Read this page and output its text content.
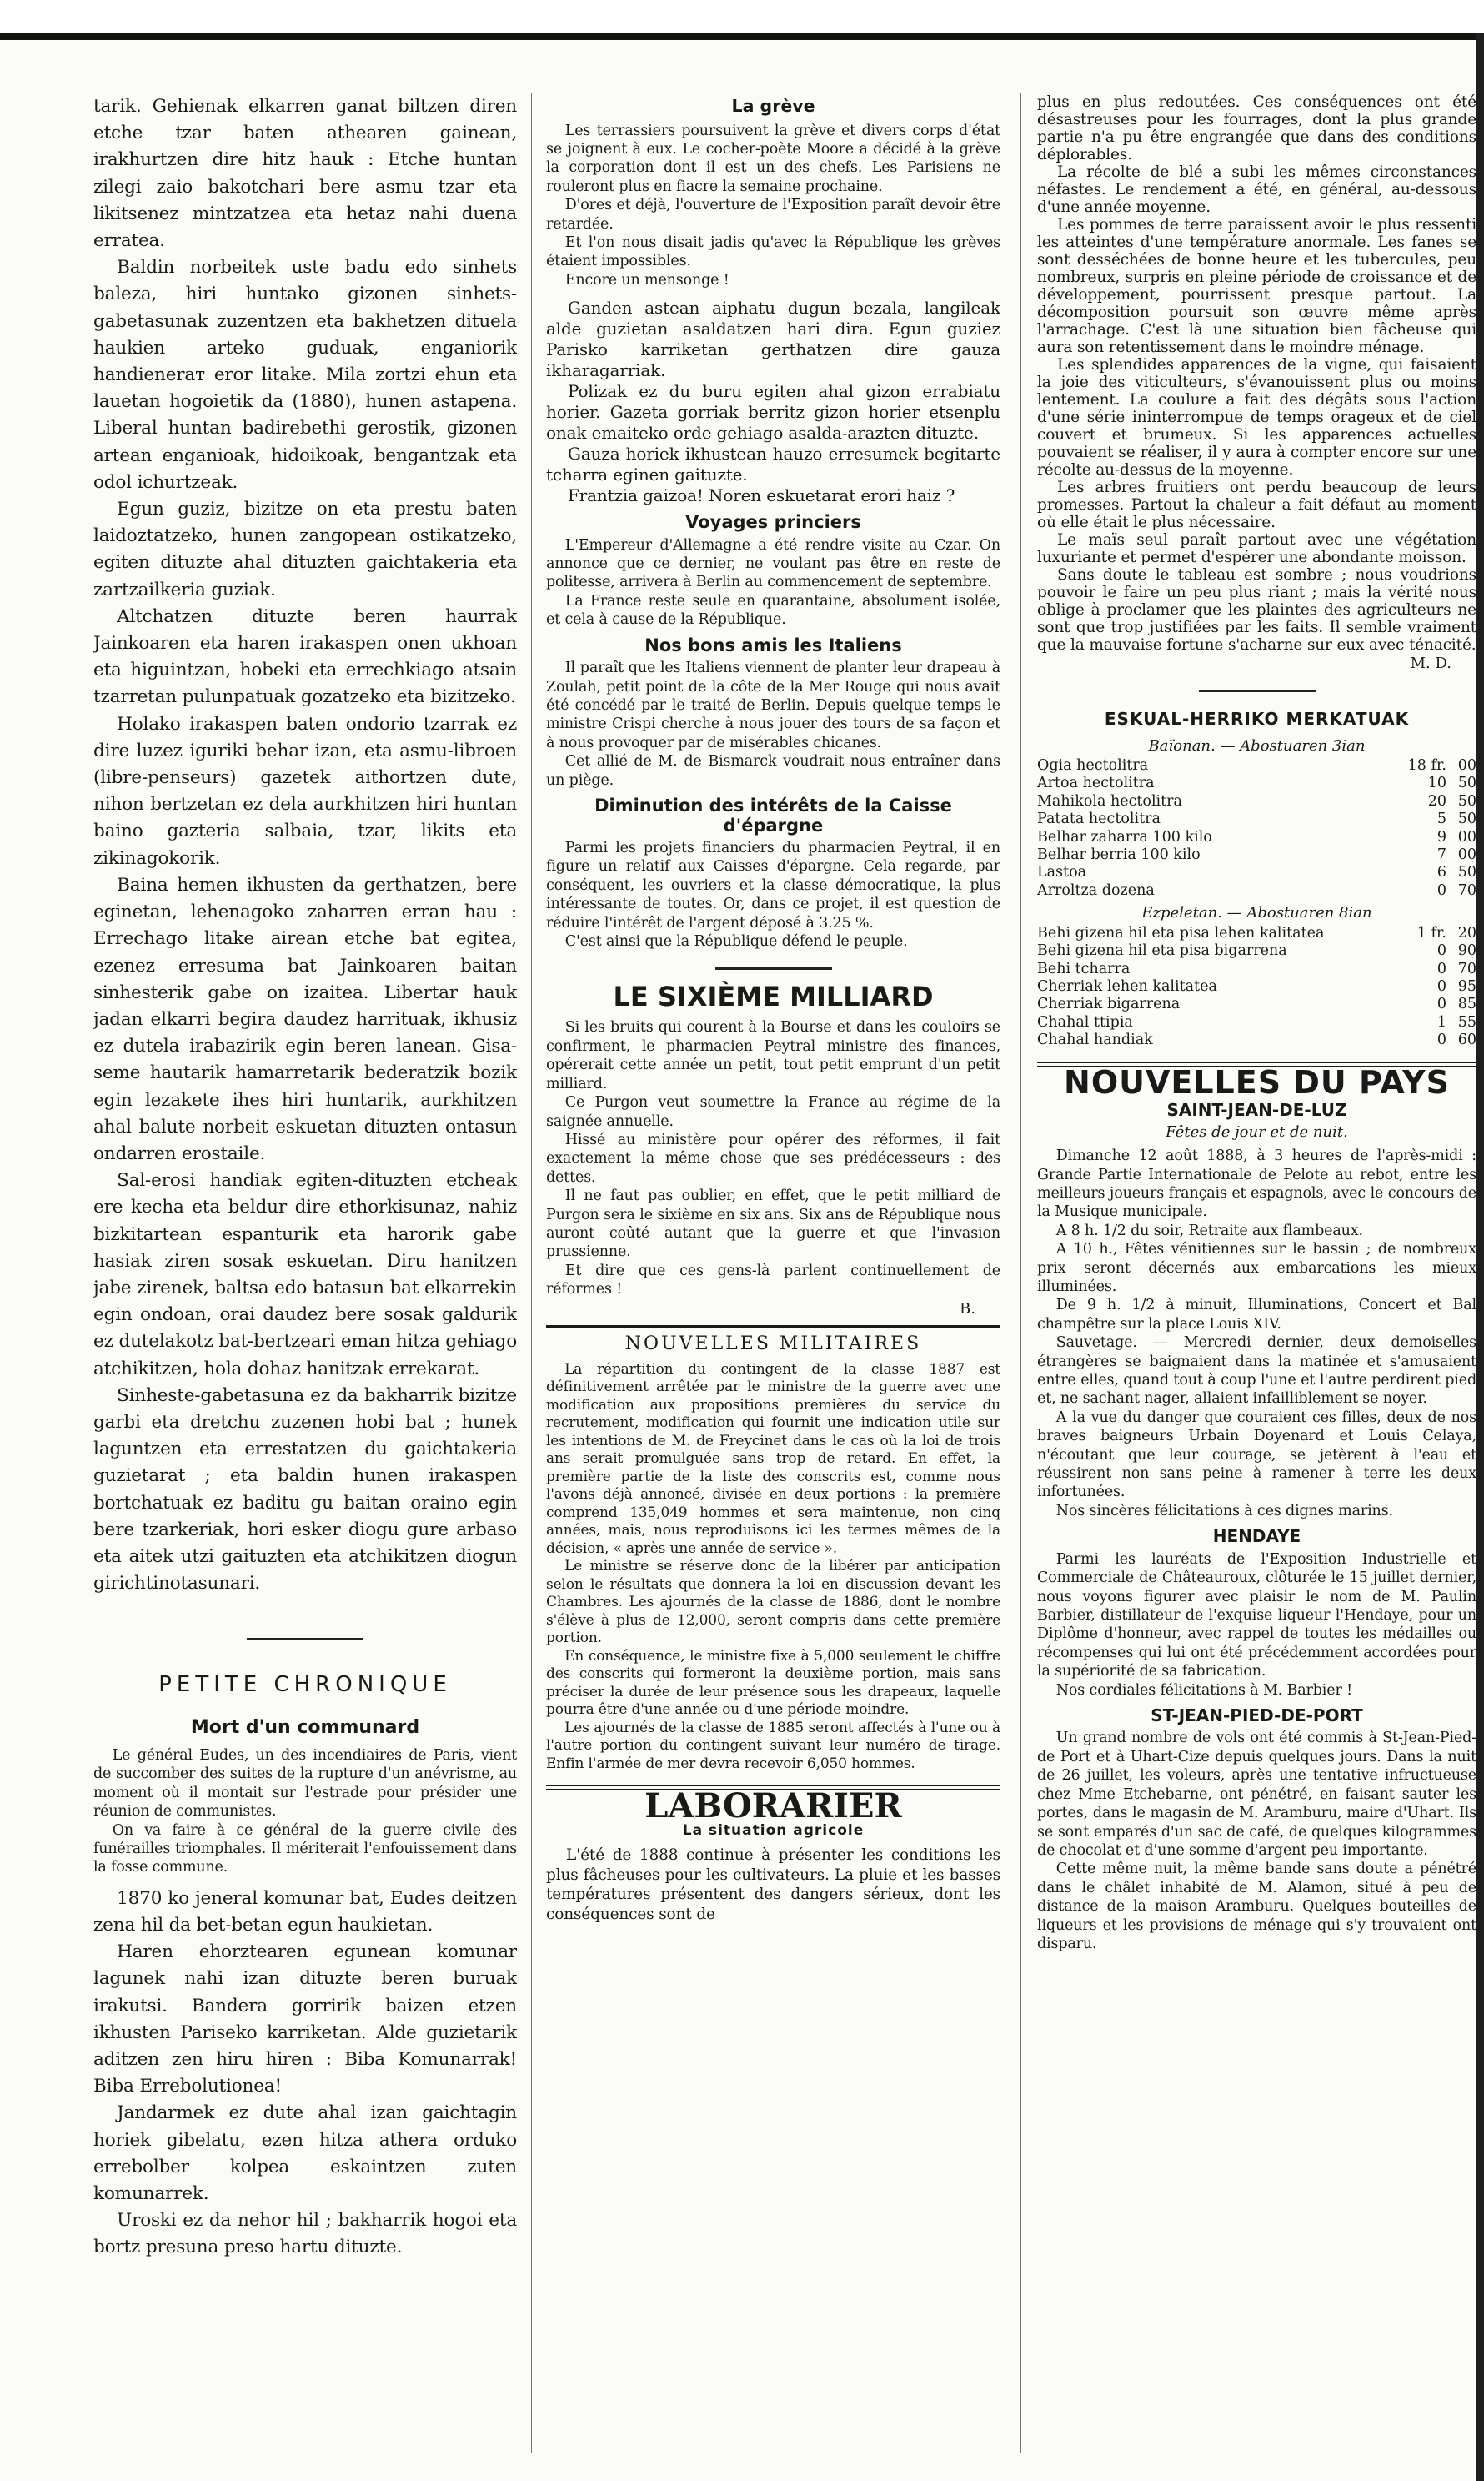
tarik. Gehienak elkarren ganat biltzen diren etche tzar baten athearen gainean, irakhurtzen dire hitz hauk : Etche huntan zilegi zaio bakotchari bere asmu tzar eta likitsenez mintzatzea eta hetaz nahi duena erratea.

Baldin norbeitek uste badu edo sinhets baleza, hiri huntako gizonen sinhets-gabetasunak zuzentzen eta bakhetzen dituela haukien arteko guduak, enganiorik handieneraт eror litake. Mila zortzi ehun eta lauetan hogoietik da (1880), hunen astapena. Liberal huntan badirebethi gerostik, gizonen artean enganioak, hidoikoak, bengantzak eta odol ichurtzeak.

Egun guziz, bizitze on eta prestu baten laidoztatzeko, hunen zangopean ostikatzeko, egiten dituzte ahal dituzten gaichtakeria eta zartzailkeria guziak.

Altchatzen dituzte beren haurrak Jainkoaren eta haren irakaspen onen ukhoan eta higuintzan, hobeki eta errechkiago atsain tzarretan pulunpatuak gozatzeko eta bizitzeko.

Holako irakaspen baten ondorio tzarrak ez dire luzez iguriki behar izan, eta asmu-libroen (libre-penseurs) gazetek aithortzen dute, nihon bertzetan ez dela aurkhitzen hiri huntan baino gazteria salbaia, tzar, likits eta zikinagokorik.

Baina hemen ikhusten da gerthatzen, bere eginetan, lehenagoko zaharren erran hau : Errechago litake airean etche bat egitea, ezenez erresuma bat Jainkoaren baitan sinhesterik gabe on izaitea. Libertar hauk jadan elkarri begira daudez harrituak, ikhusiz ez dutela irabazirik egin beren lanean. Gisa-seme hautarik hamarretarik bederatzik bozik egin lezakete ihes hiri huntarik, aurkhitzen ahal balute norbeit eskuetan dituzten ontasun ondarren erostaile.

Sal-erosi handiak egiten-dituzten etcheak ere kecha eta beldur dire ethorkisunaz, nahiz bizkitartean espanturik eta harorik gabe hasiak ziren sosak eskuetan. Diru hanitzen jabe zirenek, baltsa edo batasun bat elkarrekin egin ondoan, orai daudez bere sosak galdurik ez dutelakotz bat-bertzeari eman hitza gehiago atchikitzen, hola dohaz hanitzak errekarat.

Sinheste-gabetasuna ez da bakharrik bizitze garbi eta dretchu zuzenen hobi bat ; hunek laguntzen eta errestatzen du gaichtakeria guzietarat ; eta baldin hunen irakaspen bortchatuak ez baditu gu baitan oraino egin bere tzarkeriak, hori esker diogu gure arbaso eta aitek utzi gaituzten eta atchikitzen diogun girichtinotasunari.

PETITE CHRONIQUE
Mort d'un communard

Le général Eudes, un des incendiaires de Paris, vient de succomber des suites de la rupture d'un anévrisme, au moment où il montait sur l'estrade pour présider une réunion de communistes.

On va faire à ce général de la guerre civile des funérailles triomphales. Il mériterait l'enfouissement dans la fosse commune.

1870 ko jeneral komunar bat, Eudes deitzen zena hil da bet-betan egun haukietan.

Haren ehorztearen egunean komunar lagunek nahi izan dituzte beren buruak irakutsi. Bandera gorririk baizen etzen ikhusten Pariseko karriketan. Alde guzietarik aditzen zen hiru hiren : Biba Komunarrak! Biba Errebolutionea!

Jandarmek ez dute ahal izan gaichtagin horiek gibelatu, ezen hitza athera orduko errebolber kolpea eskaintzen zuten komunarrek.

Uroski ez da nehor hil ; bakharrik hogoi eta bortz presuna preso hartu dituzte.

La grève

Les terrassiers poursuivent la grève et divers corps d'état se joignent à eux. Le cocher-poète Moore a décidé à la grève la corporation dont il est un des chefs. Les Parisiens ne rouleront plus en fiacre la semaine prochaine.

D'ores et déjà, l'ouverture de l'Exposition paraît devoir être retardée.

Et l'on nous disait jadis qu'avec la République les grèves étaient impossibles.

Encore un mensonge !

Ganden astean aiphatu dugun bezala, langileak alde guzietan asaldatzen hari dira. Egun guziez Parisko karriketan gerthatzen dire gauza ikharagarriak.

Polizak ez du buru egiten ahal gizon errabiatu horier. Gazeta gorriak berritz gizon horier etsenplu onak emaiteko orde gehiago asalda-arazten dituzte.

Gauza horiek ikhustean hauzo erresumek begitarte tcharra eginen gaituzte.

Frantzia gaizoa! Noren eskuetarat erori haiz ?

Voyages princiers

L'Empereur d'Allemagne a été rendre visite au Czar. On annonce que ce dernier, ne voulant pas être en reste de politesse, arrivera à Berlin au commencement de septembre.

La France reste seule en quarantaine, absolument isolée, et cela à cause de la République.

Nos bons amis les Italiens

Il paraît que les Italiens viennent de planter leur drapeau à Zoulah, petit point de la côte de la Mer Rouge qui nous avait été concédé par le traité de Berlin. Depuis quelque temps le ministre Crispi cherche à nous jouer des tours de sa façon et à nous provoquer par de misérables chicanes.

Cet allié de M. de Bismarck voudrait nous entraîner dans un piège.

Diminution des intérêts de la Caisse d'épargne

Parmi les projets financiers du pharmacien Peytral, il en figure un relatif aux Caisses d'épargne. Cela regarde, par conséquent, les ouvriers et la classe démocratique, la plus intéressante de toutes. Or, dans ce projet, il est question de réduire l'intérêt de l'argent déposé à 3.25 %.

C'est ainsi que la République défend le peuple.

LE SIXIÈME MILLIARD

Si les bruits qui courent à la Bourse et dans les couloirs se confirment, le pharmacien Peytral ministre des finances, opérerait cette année un petit, tout petit emprunt d'un petit milliard.

Ce Purgon veut soumettre la France au régime de la saignée annuelle.

Hissé au ministère pour opérer des réformes, il fait exactement la même chose que ses prédécesseurs : des dettes.

Il ne faut pas oublier, en effet, que le petit milliard de Purgon sera le sixième en six ans. Six ans de République nous auront coûté autant que la guerre et que l'invasion prussienne.

Et dire que ces gens-là parlent continuellement de réformes !

B.
NOUVELLES MILITAIRES

La répartition du contingent de la classe 1887 est définitivement arrêtée par le ministre de la guerre avec une modification aux propositions premières du service du recrutement, modification qui fournit une indication utile sur les intentions de M. de Freycinet dans le cas où la loi de trois ans serait promulguée sans trop de retard. En effet, la première partie de la liste des conscrits est, comme nous l'avons déjà annoncé, divisée en deux portions : la première comprend 135,049 hommes et sera maintenue, non cinq années, mais, nous reproduisons ici les termes mêmes de la décision, « après une année de service ».

Le ministre se réserve donc de la libérer par anticipation selon le résultats que donnera la loi en discussion devant les Chambres. Les ajournés de la classe de 1886, dont le nombre s'élève à plus de 12,000, seront compris dans cette première portion.

En conséquence, le ministre fixe à 5,000 seulement le chiffre des conscrits qui formeront la deuxième portion, mais sans préciser la durée de leur présence sous les drapeaux, laquelle pourra être d'une année ou d'une période moindre.

Les ajournés de la classe de 1885 seront affectés à l'une ou à l'autre portion du contingent suivant leur numéro de tirage. Enfin l'armée de mer devra recevoir 6,050 hommes.

LABORARIER
La situation agricole

L'été de 1888 continue à présenter les conditions les plus fâcheuses pour les cultivateurs. La pluie et les basses températures présentent des dangers sérieux, dont les conséquences sont de

plus en plus redoutées. Ces conséquences ont été désastreuses pour les fourrages, dont la plus grande partie n'a pu être engrangée que dans des conditions déplorables.

La récolte de blé a subi les mêmes circonstances néfastes. Le rendement a été, en général, au-dessous d'une année moyenne.

Les pommes de terre paraissent avoir le plus ressenti les atteintes d'une température anormale. Les fanes se sont desséchées de bonne heure et les tubercules, peu nombreux, surpris en pleine période de croissance et de développement, pourrissent presque partout. La décomposition poursuit son œuvre même après l'arrachage. C'est là une situation bien fâcheuse qui aura son retentissement dans le moindre ménage.

Les splendides apparences de la vigne, qui faisaient la joie des viticulteurs, s'évanouissent plus ou moins lentement. La coulure a fait des dégâts sous l'action d'une série ininterrompue de temps orageux et de ciel couvert et brumeux. Si les apparences actuelles pouvaient se réaliser, il y aura à compter encore sur une récolte au-dessus de la moyenne.

Les arbres fruitiers ont perdu beaucoup de leurs promesses. Partout la chaleur a fait défaut au moment où elle était le plus nécessaire.

Le maïs seul paraît partout avec une végétation luxuriante et permet d'espérer une abondante moisson.

Sans doute le tableau est sombre ; nous voudrions pouvoir le faire un peu plus riant ; mais la vérité nous oblige à proclamer que les plaintes des agriculteurs ne sont que trop justifiées par les faits. Il semble vraiment que la mauvaise fortune s'acharne sur eux avec ténacité.

M. D.
ESKUAL-HERRIKO MERKATUAK
Baïonan. — Abostuaren 3ian
Ogia hectolitra	18 fr.	00
Artoa hectolitra	10	50
Mahikola hectolitra	20	50
Patata hectolitra	5	50
Belhar zaharra 100 kilo	9	00
Belhar berria 100 kilo	7	00
Lastoa	6	50
Arroltza dozena	0	70
Ezpeletan. — Abostuaren 8ian
Behi gizena hil eta pisa lehen kalitatea	1 fr.	20
Behi gizena hil eta pisa bigarrena	0	90
Behi tcharra	0	70
Cherriak lehen kalitatea	0	95
Cherriak bigarrena	0	85
Chahal ttipia	1	55
Chahal handiak	0	60
NOUVELLES DU PAYS
SAINT-JEAN-DE-LUZ
Fêtes de jour et de nuit.

Dimanche 12 août 1888, à 3 heures de l'après-midi : Grande Partie Internationale de Pelote au rebot, entre les meilleurs joueurs français et espagnols, avec le concours de la Musique municipale.

A 8 h. 1/2 du soir, Retraite aux flambeaux.

A 10 h., Fêtes vénitiennes sur le bassin ; de nombreux prix seront décernés aux embarcations les mieux illuminées.

De 9 h. 1/2 à minuit, Illuminations, Concert et Bal champêtre sur la place Louis XIV.

Sauvetage. — Mercredi dernier, deux demoiselles étrangères se baignaient dans la matinée et s'amusaient entre elles, quand tout à coup l'une et l'autre perdirent pied et, ne sachant nager, allaient infailliblement se noyer.

A la vue du danger que couraient ces filles, deux de nos braves baigneurs Urbain Doyenard et Louis Celaya, n'écoutant que leur courage, se jetèrent à l'eau et réussirent non sans peine à ramener à terre les deux infortunées.

Nos sincères félicitations à ces dignes marins.

HENDAYE

Parmi les lauréats de l'Exposition Industrielle et Commerciale de Châteauroux, clôturée le 15 juillet dernier, nous voyons figurer avec plaisir le nom de M. Paulin Barbier, distillateur de l'exquise liqueur l'Hendaye, pour un Diplôme d'honneur, avec rappel de toutes les médailles ou récompenses qui lui ont été précédemment accordées pour la supériorité de sa fabrication.

Nos cordiales félicitations à M. Barbier !

ST-JEAN-PIED-DE-PORT

Un grand nombre de vols ont été commis à St-Jean-Pied-de Port et à Uhart-Cize depuis quelques jours. Dans la nuit de 26 juillet, les voleurs, après une tentative infructueuse chez Mme Etchebarne, ont pénétré, en faisant sauter les portes, dans le magasin de M. Aramburu, maire d'Uhart. Ils se sont emparés d'un sac de café, de quelques kilogrammes de chocolat et d'une somme d'argent peu importante.

Cette même nuit, la même bande sans doute a pénétré dans le châlet inhabité de M. Alamon, situé à peu de distance de la maison Aramburu. Quelques bouteilles de liqueurs et les provisions de ménage qui s'y trouvaient ont disparu.
